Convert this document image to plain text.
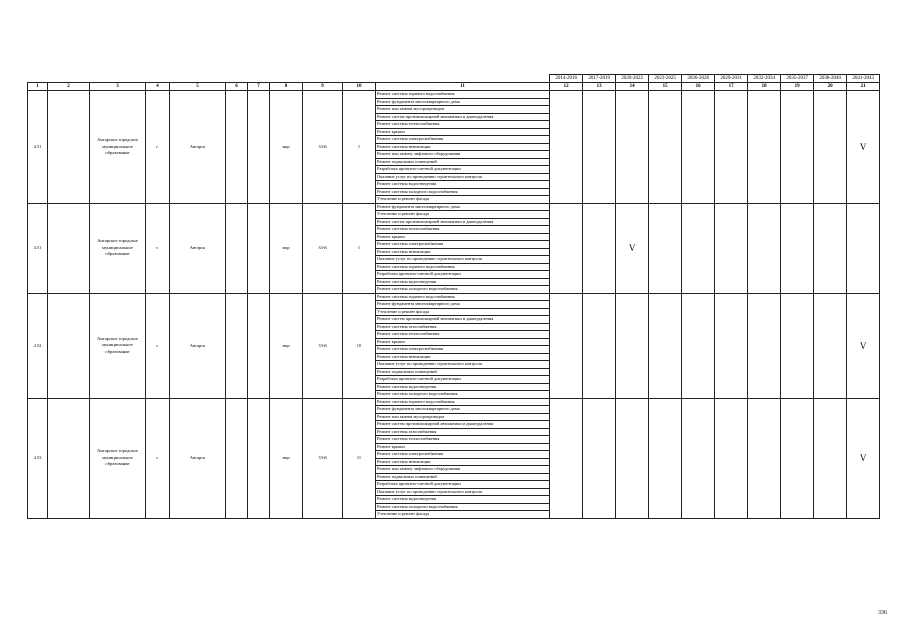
											2014-2016	2017-2019	2020-2022	2023-2025	2026-2028	2029-2031	2032-2034	2035-2037	2038-2040	2041-2043
1	2	3	4	5	6	7	8	9	10	11	12	13	14	15	16	17	18	19	20	21
4.51		Ангарское городское муниципальное образование	г.	Ангарск			мкр	33-й	1	Ремонт системы горячего водоснабжения										V
										Ремонт фундамента многоквартирного дома										
										Ремонт или замена мусоропроводов										
										Ремонт систем противопожарной автоматики и дымоудаления										
										Ремонт системы теплоснабжения										
										Ремонт крыши										
										Ремонт системы электроснабжения										
										Ремонт системы вентиляции										
										Ремонт или замену лифтового оборудования										
										Ремонт подвальных помещений										
										Разработка проектно-сметной документации										
										Оказание услуг по проведению строительного контроля										
										Ремонт системы водоотведения										
										Ремонт системы холодного водоснабжения										
										Утепление и ремонт фасада										
4.51		Ангарское городское муниципальное образование	г.	Ангарск			мкр	33-й	1	Ремонт фундамента многоквартирного дома			V							
										Утепление и ремонт фасада										
										Ремонт систем противопожарной автоматики и дымоудаления										
										Ремонт системы теплоснабжения										
										Ремонт крыши										
										Ремонт системы электроснабжения										
										Ремонт системы вентиляции										
										Оказание услуг по проведению строительного контроля										
										Ремонт системы горячего водоснабжения										
										Разработка проектно-сметной документации										
										Ремонт системы водоотведения										
										Ремонт системы холодного водоснабжения										
4.52		Ангарское городское муниципальное образование	г.	Ангарск			мкр	33-й	10	Ремонт системы горячего водоснабжения										V
										Ремонт фундамента многоквартирного дома										
										Утепление и ремонт фасада										
										Ремонт систем противопожарной автоматики и дымоудаления										
										Ремонт системы газоснабжения										
										Ремонт системы теплоснабжения										
										Ремонт крыши										
										Ремонт системы электроснабжения										
										Ремонт системы вентиляции										
										Оказание услуг по проведению строительного контроля										
										Ремонт подвальных помещений										
										Разработка проектно-сметной документации										
										Ремонт системы водоотведения										
										Ремонт системы холодного водоснабжения										
4.53		Ангарское городское муниципальное образование	г.	Ангарск			мкр	33-й	11	Ремонт системы горячего водоснабжения										V
										Ремонт фундамента многоквартирного дома										
										Ремонт или замена мусоропроводов										
										Ремонт систем противопожарной автоматики и дымоудаления										
										Ремонт системы газоснабжения										
										Ремонт системы теплоснабжения										
										Ремонт крыши										
										Ремонт системы электроснабжения										
										Ремонт системы вентиляции										
										Ремонт или замену лифтового оборудования										
										Ремонт подвальных помещений										
										Разработка проектно-сметной документации										
										Оказание услуг по проведению строительного контроля										
										Ремонт системы водоотведения										
										Ремонт системы холодного водоснабжения										
										Утепление и ремонт фасада										
336
